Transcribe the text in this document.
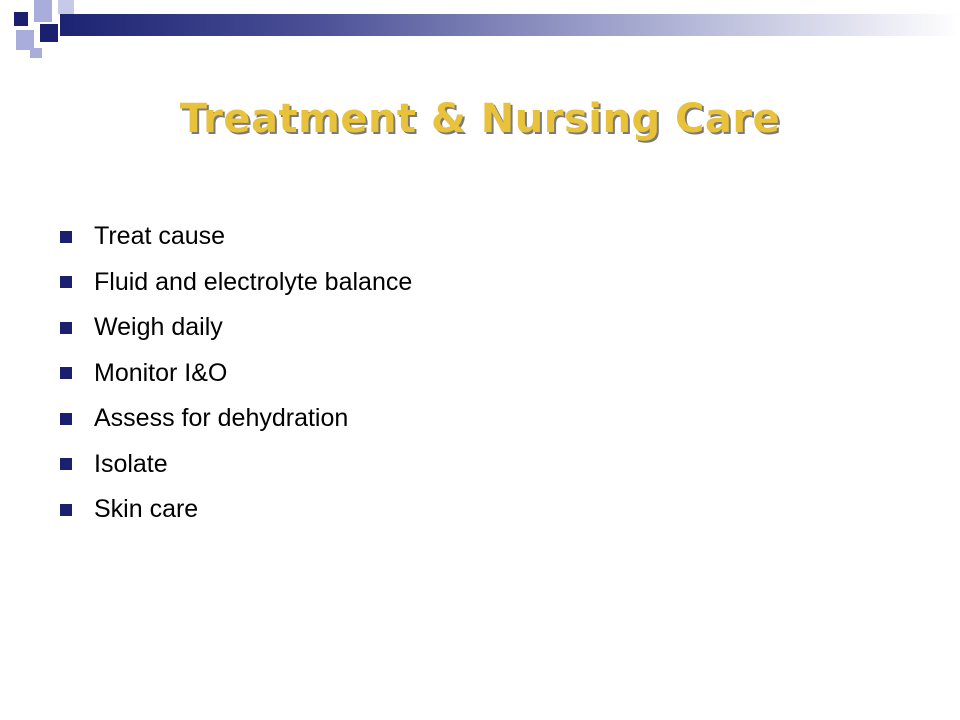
Treatment & Nursing Care
Treat cause
Fluid and electrolyte balance
Weigh daily
Monitor I&O
Assess for dehydration
Isolate
Skin care
